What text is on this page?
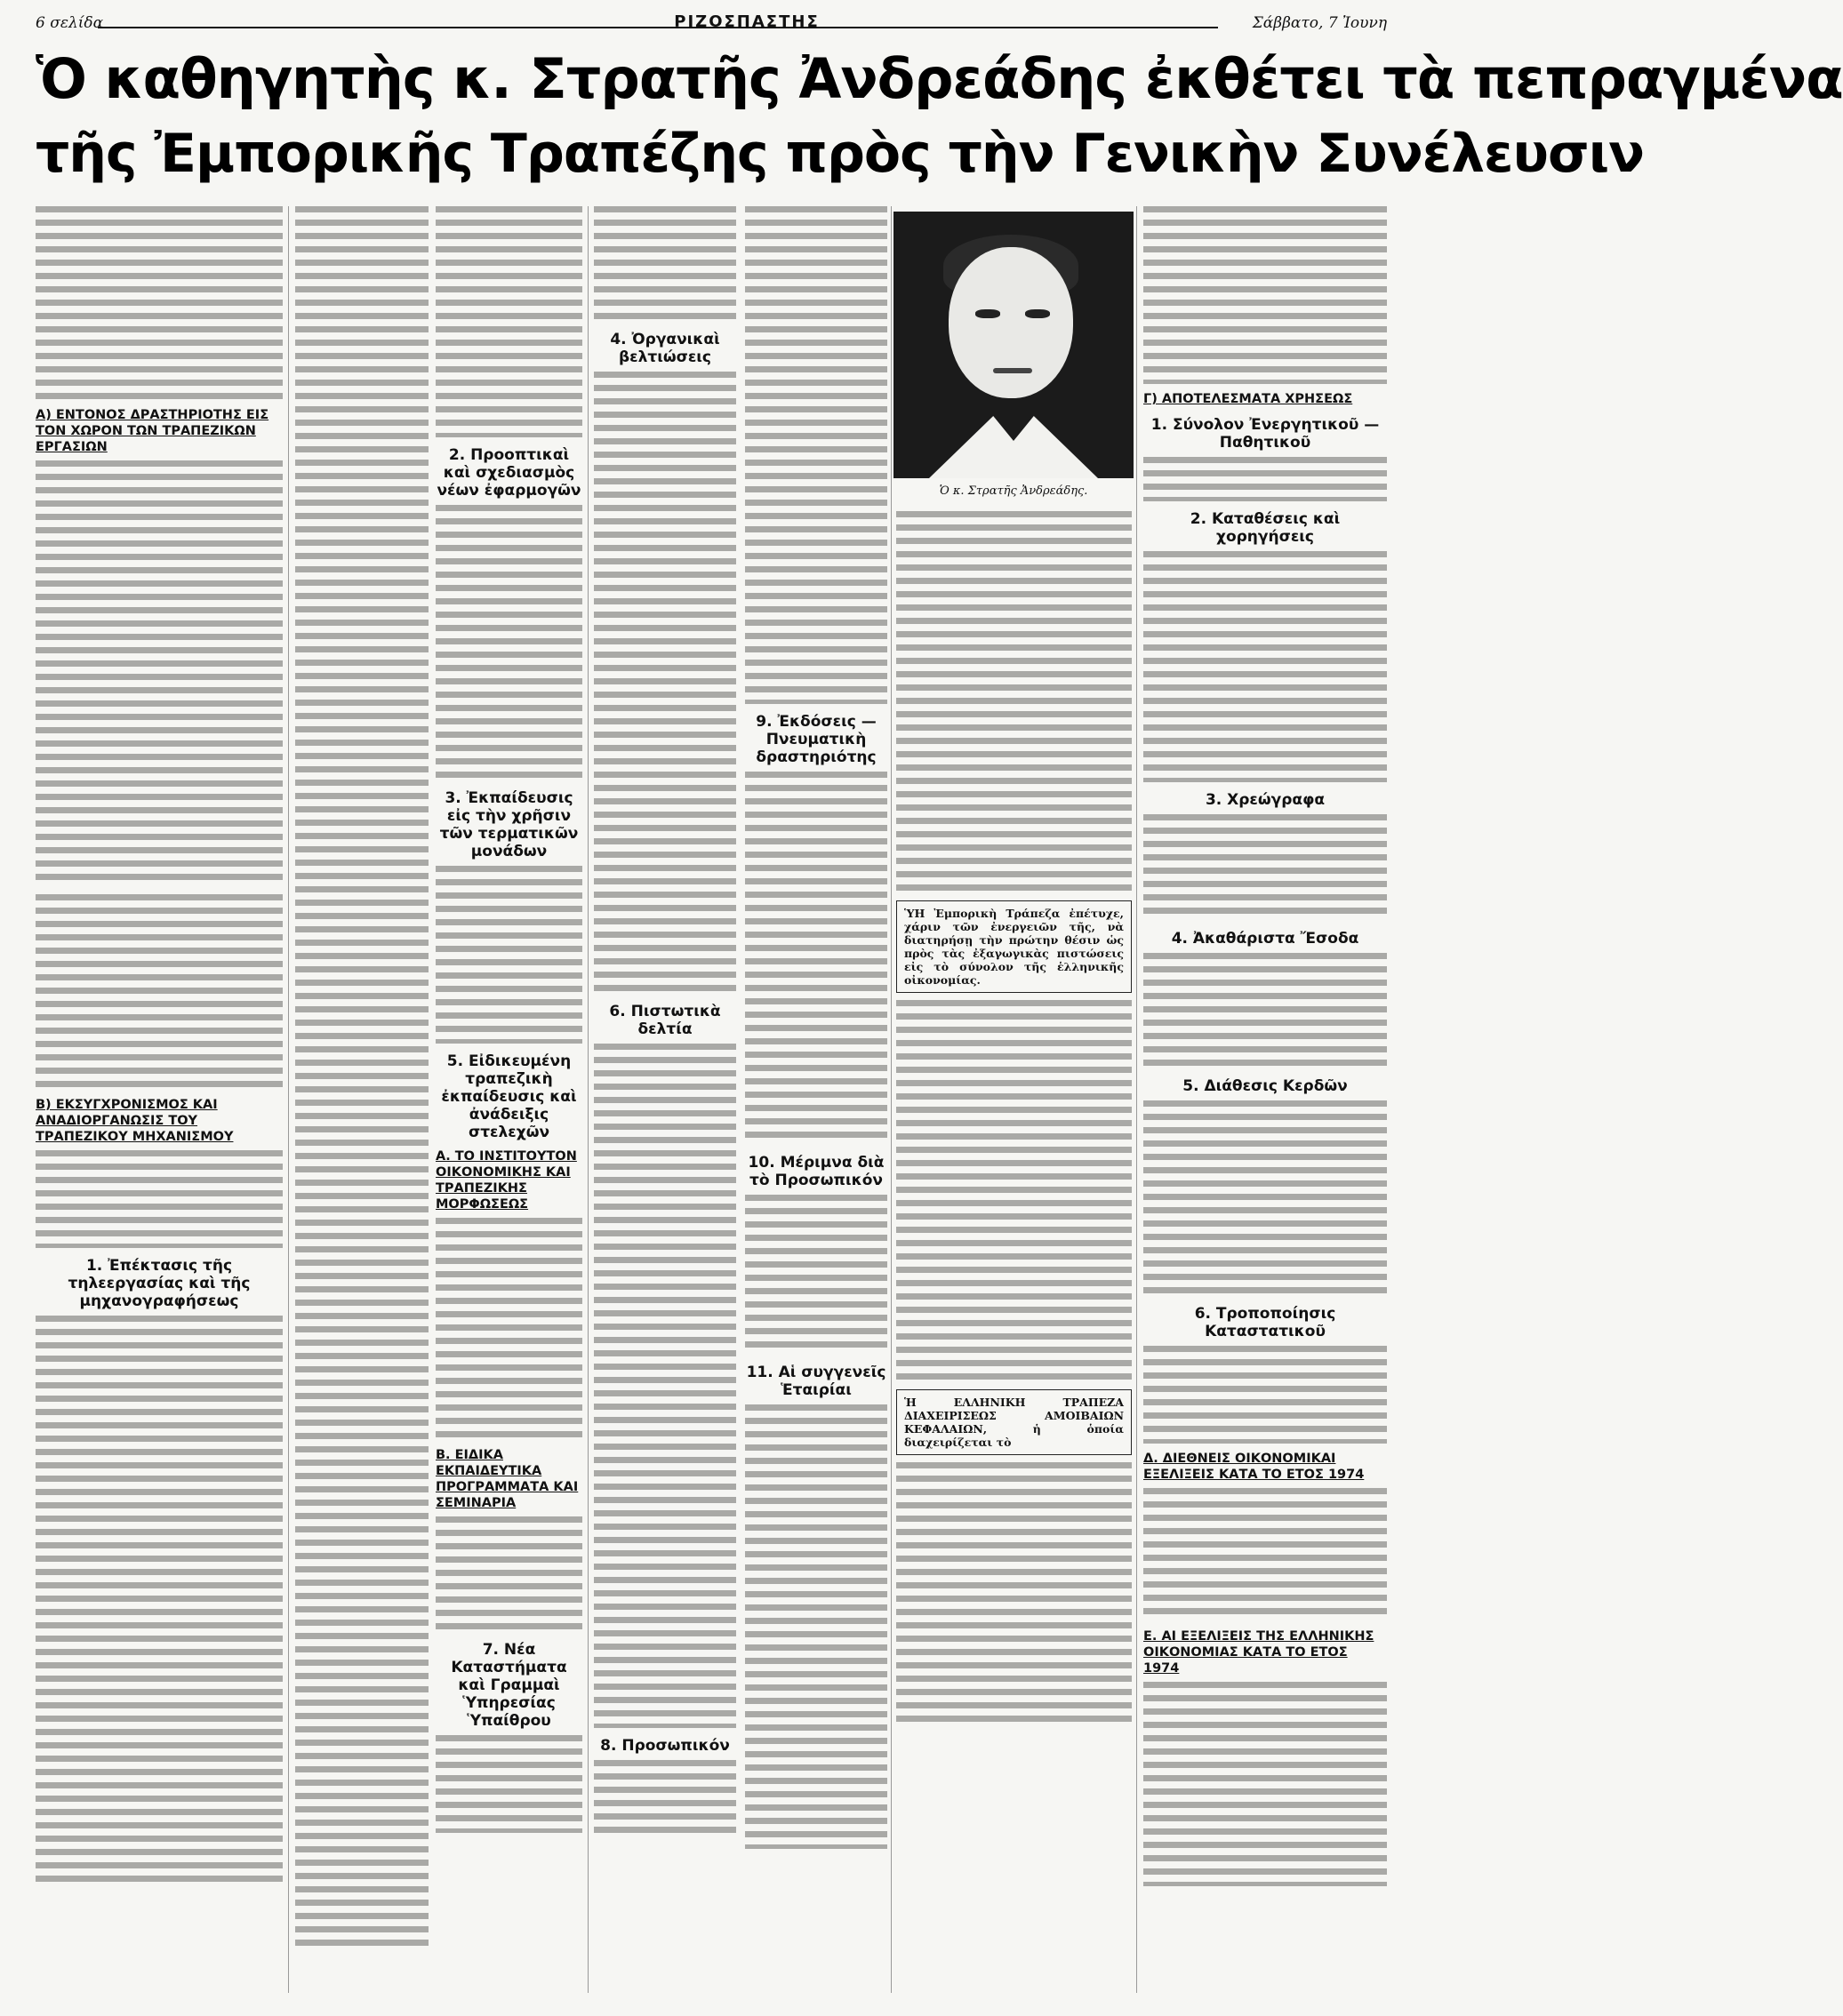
6 σελίδα	ΡΙΖΟΣΠΑΣΤΗΣ	Σάββατο, 7 Ἰουνη
Ὁ καθηγητὴς κ. Στρατῆς Ἀνδρεάδης ἐκθέτει τὰ πεπραγμένα
τῆς Ἐμπορικῆς Τραπέζης πρὸς τὴν Γενικὴν Συνέλευσιν
Α) ΕΝΤΟΝΟΣ ΔΡΑΣΤΗΡΙΟΤΗΣ ΕΙΣ ΤΟΝ ΧΩΡΟΝ ΤΩΝ ΤΡΑΠΕΖΙΚΩΝ ΕΡΓΑΣΙΩΝ
Β) ΕΚΣΥΓΧΡΟΝΙΣΜΟΣ ΚΑΙ ΑΝΑΔΙΟΡΓΑΝΩΣΙΣ ΤΟΥ ΤΡΑΠΕΖΙΚΟΥ ΜΗΧΑΝΙΣΜΟΥ
1. Ἐπέκτασις τῆς τηλεεργασίας καὶ τῆς μηχανογραφήσεως
2. Προοπτικαὶ καὶ σχεδιασμὸς νέων ἐφαρμογῶν
3. Ἐκπαίδευσις εἰς τὴν χρῆσιν τῶν τερματικῶν μονάδων
5. Εἰδικευμένη τραπεζικὴ ἐκπαίδευσις καὶ ἀνάδειξις στελεχῶν
Α. ΤΟ ΙΝΣΤΙΤΟΥΤΟΝ ΟΙΚΟΝΟΜΙΚΗΣ ΚΑΙ ΤΡΑΠΕΖΙΚΗΣ ΜΟΡΦΩΣΕΩΣ
Β. ΕΙΔΙΚΑ ΕΚΠΑΙΔΕΥΤΙΚΑ ΠΡΟΓΡΑΜΜΑΤΑ ΚΑΙ ΣΕΜΙΝΑΡΙΑ
7. Νέα Καταστήματα καὶ Γραμμαὶ Ὑπηρεσίας Ὑπαίθρου
4. Ὀργανικαὶ βελτιώσεις
6. Πιστωτικὰ δελτία
8. Προσωπικόν
9. Ἐκδόσεις — Πνευματικὴ δραστηριότης
10. Μέριμνα διὰ τὸ Προσωπικόν
11. Αἱ συγγενεῖς Ἑταιρίαι
Ὁ κ. Στρατῆς Ἀνδρεάδης.
ὙΗ Ἐμπορικὴ Τράπεζα ἐπέτυχε, χάριν τῶν ἐνεργειῶν τῆς, νὰ διατηρήσῃ τὴν πρώτην θέσιν ὡς πρὸς τὰς ἐξαγωγικὰς πιστώσεις εἰς τὸ σύνολον τῆς ἑλληνικῆς οἰκονομίας.
Ἡ ΕΛΛΗΝΙΚΗ ΤΡΑΠΕΖΑ ΔΙΑΧΕΙΡΙΣΕΩΣ ΑΜΟΙΒΑΙΩΝ ΚΕΦΑΛΑΙΩΝ, ἡ ὁποία διαχειρίζεται τὸ
Γ) ΑΠΟΤΕΛΕΣΜΑΤΑ ΧΡΗΣΕΩΣ
1. Σύνολον Ἐνεργητικοῦ — Παθητικοῦ
2. Καταθέσεις καὶ χορηγήσεις
3. Χρεώγραφα
4. Ἀκαθάριστα Ἔσοδα
5. Διάθεσις Κερδῶν
6. Τροποποίησις Καταστατικοῦ
Δ. ΔΙΕΘΝΕΙΣ ΟΙΚΟΝΟΜΙΚΑΙ ΕΞΕΛΙΞΕΙΣ ΚΑΤΑ ΤΟ ΕΤΟΣ 1974
Ε. ΑΙ ΕΞΕΛΙΞΕΙΣ ΤΗΣ ΕΛΛΗΝΙΚΗΣ ΟΙΚΟΝΟΜΙΑΣ ΚΑΤΑ ΤΟ ΕΤΟΣ 1974
